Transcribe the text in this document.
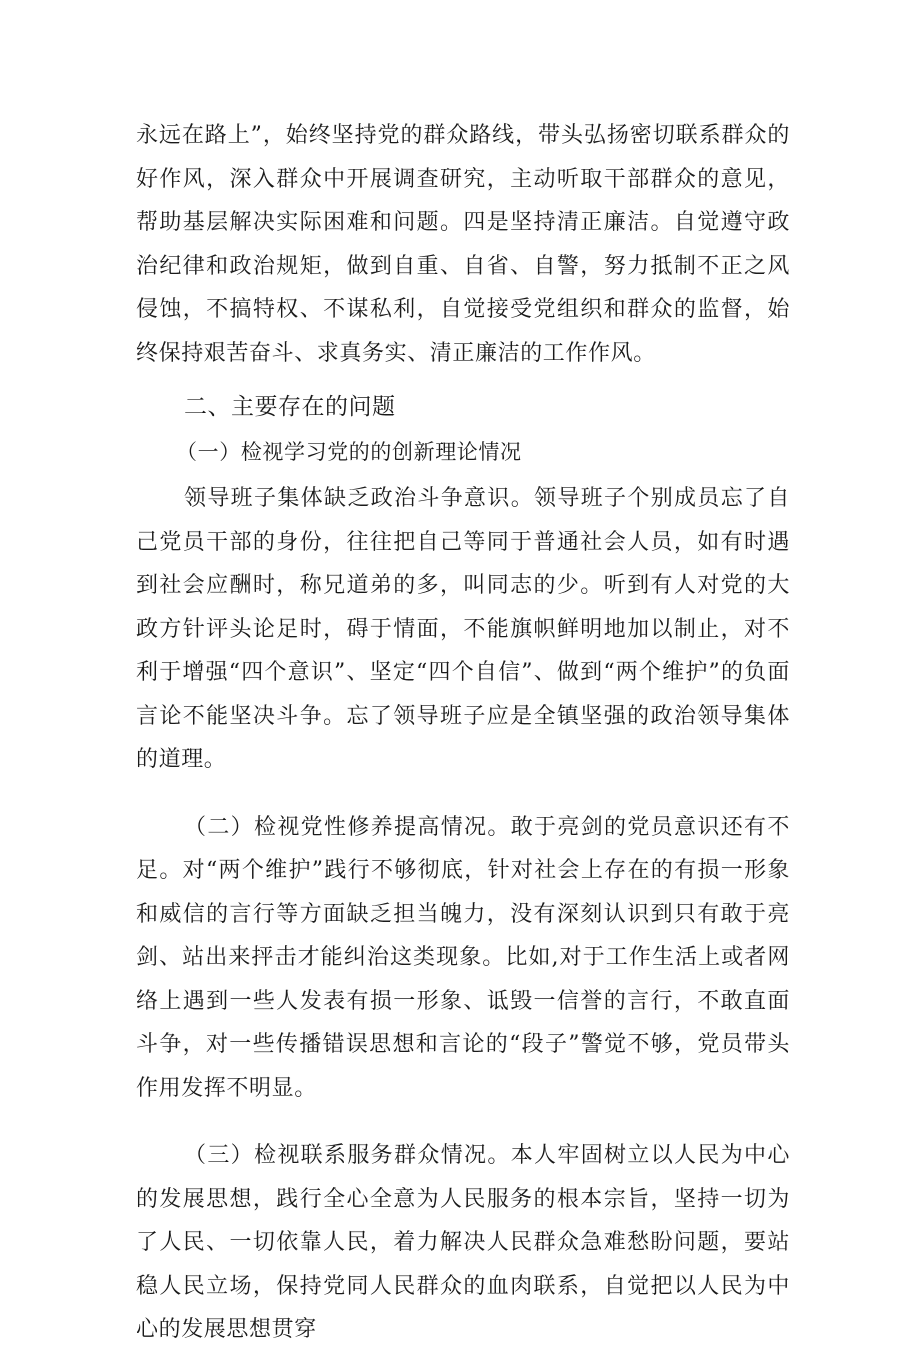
永远在路上”，始终坚持党的群众路线，带头弘扬密切联系群众的好作风，深入群众中开展调查研究，主动听取干部群众的意见，帮助基层解决实际困难和问题。四是坚持清正廉洁。自觉遵守政治纪律和政治规矩，做到自重、自省、自警，努力抵制不正之风侵蚀，不搞特权、不谋私利，自觉接受党组织和群众的监督，始终保持艰苦奋斗、求真务实、清正廉洁的工作作风。

二、主要存在的问题

（一）检视学习党的的创新理论情况

领导班子集体缺乏政治斗争意识。领导班子个别成员忘了自己党员干部的身份，往往把自己等同于普通社会人员，如有时遇到社会应酬时，称兄道弟的多，叫同志的少。听到有人对党的大政方针评头论足时，碍于情面，不能旗帜鲜明地加以制止，对不利于增强“四个意识”、坚定“四个自信”、做到“两个维护”的负面言论不能坚决斗争。忘了领导班子应是全镇坚强的政治领导集体的道理。

（二）检视党性修养提高情况。敢于亮剑的党员意识还有不足。对“两个维护”践行不够彻底，针对社会上存在的有损一形象和威信的言行等方面缺乏担当魄力，没有深刻认识到只有敢于亮剑、站出来抨击才能纠治这类现象。比如,对于工作生活上或者网络上遇到一些人发表有损一形象、诋毁一信誉的言行，不敢直面斗争，对一些传播错误思想和言论的“段子”警觉不够，党员带头作用发挥不明显。

（三）检视联系服务群众情况。本人牢固树立以人民为中心的发展思想，践行全心全意为人民服务的根本宗旨，坚持一切为了人民、一切依靠人民，着力解决人民群众急难愁盼问题，要站稳人民立场，保持党同人民群众的血肉联系，自觉把以人民为中心的发展思想贯穿
